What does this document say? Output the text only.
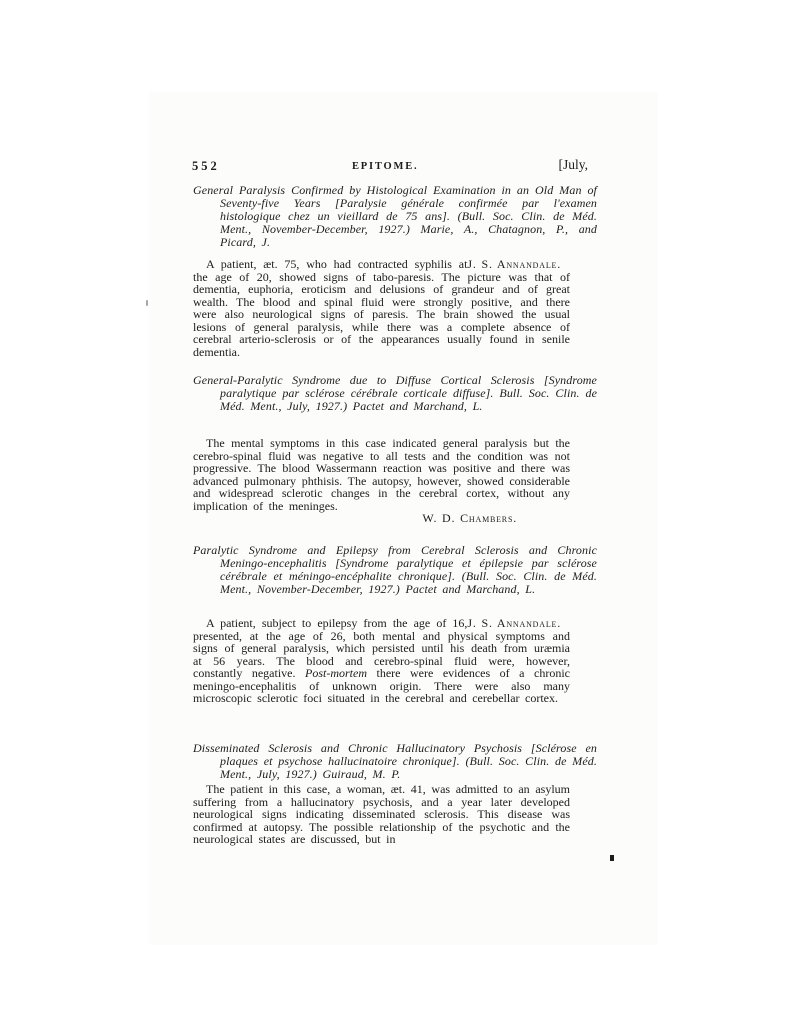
552	EPITOME.	[July,
General Paralysis Confirmed by Histological Examination in an Old Man of Seventy-five Years [Paralysie générale confirmée par l'examen histologique chez un vieillard de 75 ans]. (Bull. Soc. Clin. de Méd. Ment., November-December, 1927.) Marie, A., Chatagnon, P., and Picard, J.
J. S. Annandale.
A patient, æt. 75, who had contracted syphilis at the age of 20, showed signs of tabo-paresis. The picture was that of dementia, euphoria, eroticism and delusions of grandeur and of great wealth. The blood and spinal fluid were strongly positive, and there were also neurological signs of paresis. The brain showed the usual lesions of general paralysis, while there was a complete absence of cerebral arterio-sclerosis or of the appearances usually found in senile dementia.
General-Paralytic Syndrome due to Diffuse Cortical Sclerosis [Syndrome paralytique par sclérose cérébrale corticale diffuse]. Bull. Soc. Clin. de Méd. Ment., July, 1927.) Pactet and Marchand, L.
The mental symptoms in this case indicated general paralysis but the cerebro-spinal fluid was negative to all tests and the condition was not progressive. The blood Wassermann reaction was positive and there was advanced pulmonary phthisis. The autopsy, however, showed considerable and widespread sclerotic changes in the cerebral cortex, without any implication of the meninges.
W. D. Chambers.
Paralytic Syndrome and Epilepsy from Cerebral Sclerosis and Chronic Meningo-encephalitis [Syndrome paralytique et épilepsie par sclérose cérébrale et méningo-encéphalite chronique]. (Bull. Soc. Clin. de Méd. Ment., November-December, 1927.) Pactet and Marchand, L.
J. S. Annandale.
A patient, subject to epilepsy from the age of 16, presented, at the age of 26, both mental and physical symptoms and signs of general paralysis, which persisted until his death from uræmia at 56 years. The blood and cerebro-spinal fluid were, however, constantly negative. Post-mortem there were evidences of a chronic meningo-encephalitis of unknown origin. There were also many microscopic sclerotic foci situated in the cerebral and cerebellar cortex.
Disseminated Sclerosis and Chronic Hallucinatory Psychosis [Sclérose en plaques et psychose hallucinatoire chronique]. (Bull. Soc. Clin. de Méd. Ment., July, 1927.) Guiraud, M. P.
The patient in this case, a woman, æt. 41, was admitted to an asylum suffering from a hallucinatory psychosis, and a year later developed neurological signs indicating disseminated sclerosis. This disease was confirmed at autopsy. The possible relationship of the psychotic and the neurological states are discussed, but in
